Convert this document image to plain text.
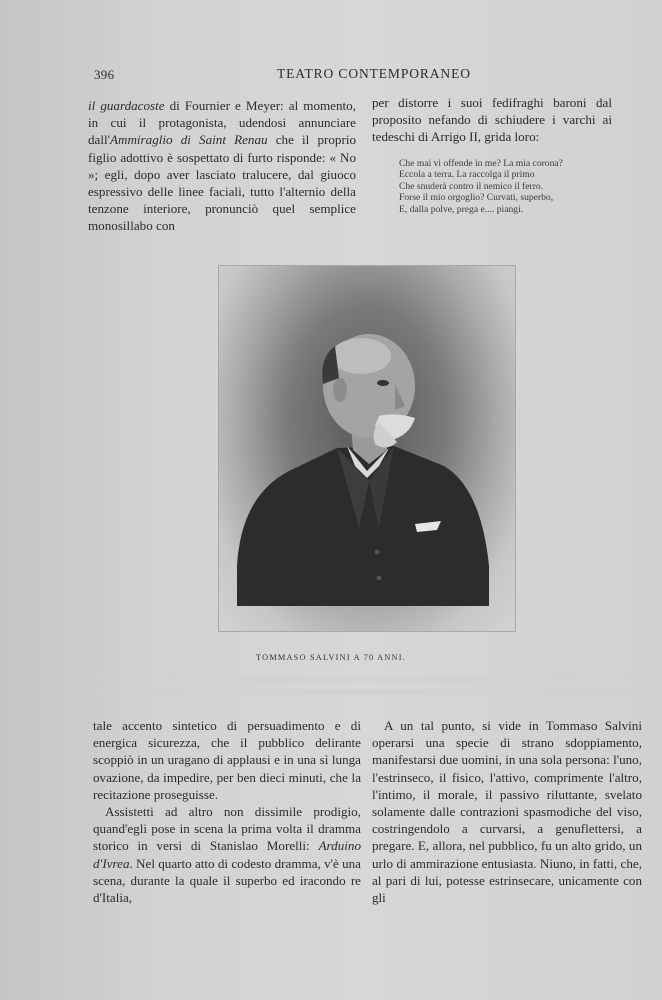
396	TEATRO CONTEMPORANEO

il guardacoste di Fournier e Meyer: al momento, in cui il protagonista, udendosi annunciare dall'Ammiraglio di Saint Renau che il proprio figlio adottivo è sospettato di furto risponde: « No »; egli, dopo aver lasciato tralucere, dal giuoco espressivo delle linee faciali, tutto l'alternio della tenzone interiore, pronunciò quel semplice monosillabo con

per distorre i suoi fedifraghi baroni dal proposito nefando di schiudere i varchi ai tedeschi di Arrigo II, grida loro:

Che mai vi offende in me? La mia corona?
Eccola a terra. La raccolga il primo
Che snuderà contro il nemico il ferro.
Forse il mio orgoglio? Curvati, superbo,
E, dalla polve, prega e.... piangi.
TOMMASO SALVINI A 70 ANNI.

tale accento sintetico di persuadimento e di energica sicurezza, che il pubblico delirante scoppiò in un uragano di applausi e in una sì lunga ovazione, da impedire, per ben dieci minuti, che la recitazione proseguisse.

Assistetti ad altro non dissimile prodigio, quand'egli pose in scena la prima volta il dramma storico in versi di Stanislao Morelli: Arduino d'Ivrea. Nel quarto atto di codesto dramma, v'è una scena, durante la quale il superbo ed iracondo re d'Italia,

A un tal punto, si vide in Tommaso Salvini operarsi una specie di strano sdoppiamento, manifestarsi due uomini, in una sola persona: l'uno, l'estrinseco, il fisico, l'attivo, comprimente l'altro, l'intimo, il morale, il passivo riluttante, svelato solamente dalle contrazioni spasmodiche del viso, costringendolo a curvarsi, a genuflettersi, a pregare. E, allora, nel pubblico, fu un alto grido, un urlo di ammirazione entusiasta. Niuno, in fatti, che, al pari di lui, potesse estrinsecare, unicamente con gli
